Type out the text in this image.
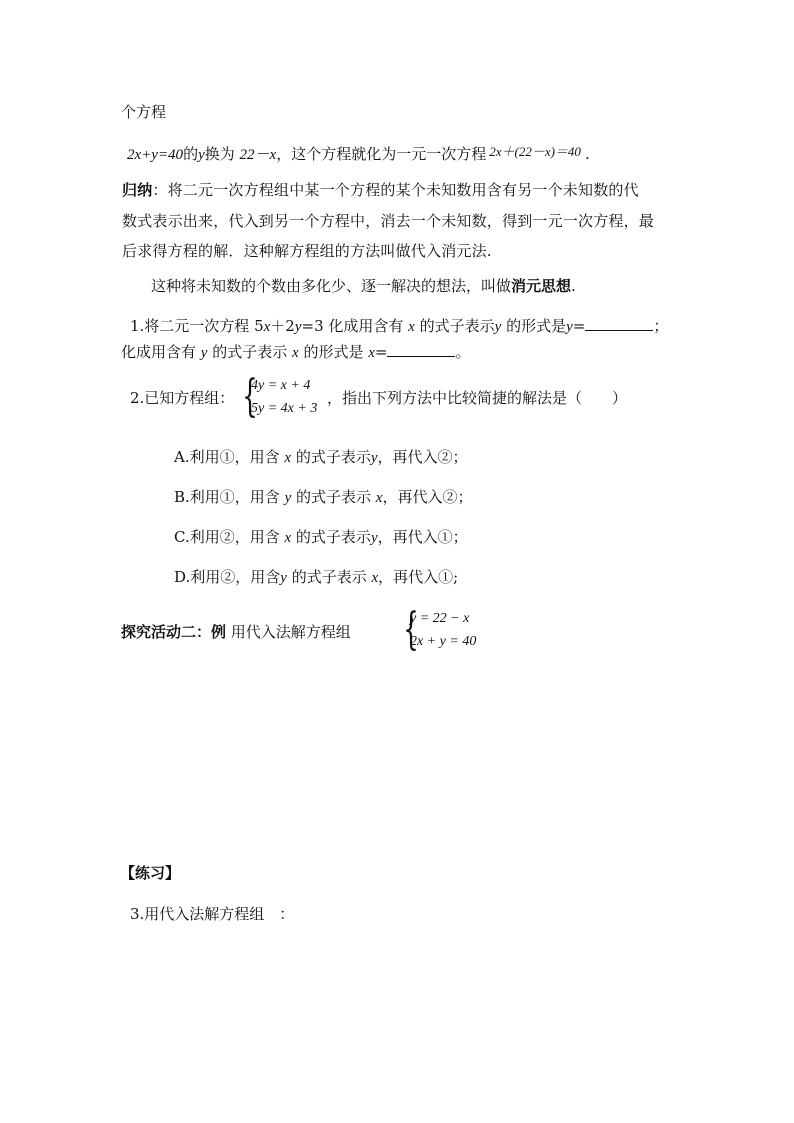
个方程
2x+y=40的y换为 22－x，这个方程就化为一元一次方程 2x＋(22－x)＝40 .
归纳：将二元一次方程组中某一个方程的某个未知数用含有另一个未知数的代
数式表示出来，代入到另一个方程中，消去一个未知数，得到一元一次方程，最
后求得方程的解．这种解方程组的方法叫做代入消元法.
这种将未知数的个数由多化少、逐一解决的想法，叫做消元思想.
1.将二元一次方程 5x＋2y=3 化成用含有 x 的式子表示y 的形式是y=	；
化成用含有 y 的式子表示 x 的形式是 x=	。
2.已知方程组： {
4y = x + 4
5y = 4x + 3
，指出下列方法中比较简捷的解法是（　　）
A.利用①，用含 x 的式子表示y，再代入②；
B.利用①，用含 y 的式子表示 x，再代入②；
C.利用②，用含 x 的式子表示y，再代入①；
D.利用②，用含y 的式子表示 x，再代入①;
探究活动二：例 用代入法解方程组 {
y = 22 − x
2x + y = 40
【练习】
3.用代入法解方程组　：
